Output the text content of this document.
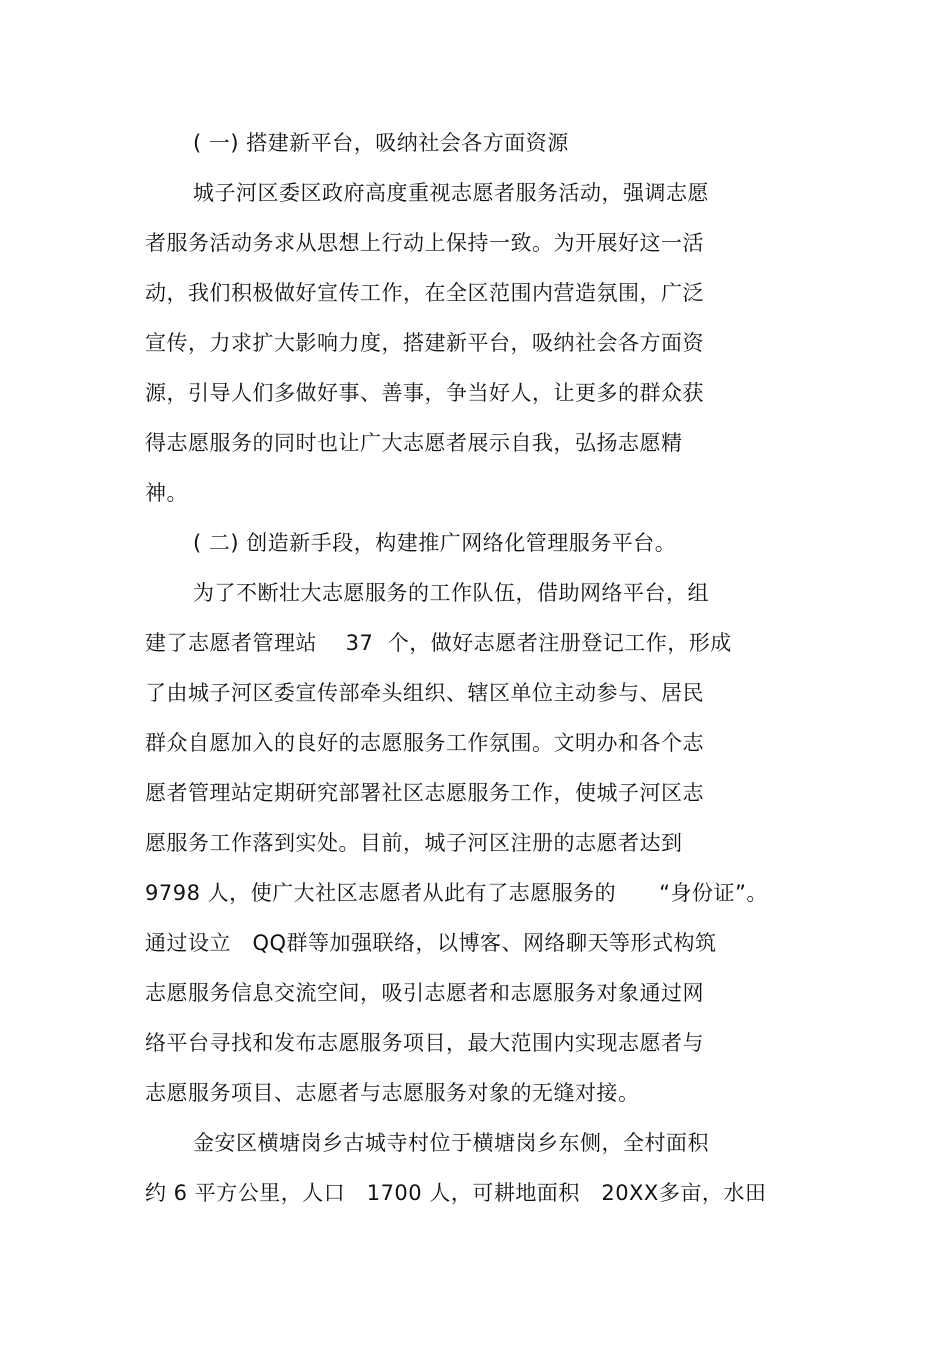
( 一) 搭建新平台，吸纳社会各方面资源
城子河区委区政府高度重视志愿者服务活动，强调志愿
者服务活动务求从思想上行动上保持一致。为开展好这一活
动，我们积极做好宣传工作，在全区范围内营造氛围，广泛
宣传，力求扩大影响力度，搭建新平台，吸纳社会各方面资
源，引导人们多做好事、善事，争当好人，让更多的群众获
得志愿服务的同时也让广大志愿者展示自我，弘扬志愿精
神。
( 二) 创造新手段，构建推广网络化管理服务平台。
为了不断壮大志愿服务的工作队伍，借助网络平台，组
建了志愿者管理站　 37  个，做好志愿者注册登记工作，形成
了由城子河区委宣传部牵头组织、辖区单位主动参与、居民
群众自愿加入的良好的志愿服务工作氛围。文明办和各个志
愿者管理站定期研究部署社区志愿服务工作，使城子河区志
愿服务工作落到实处。目前，城子河区注册的志愿者达到
9798 人，使广大社区志愿者从此有了志愿服务的　　“身份证”。
通过设立　QQ群等加强联络，以博客、网络聊天等形式构筑
志愿服务信息交流空间，吸引志愿者和志愿服务对象通过网
络平台寻找和发布志愿服务项目，最大范围内实现志愿者与
志愿服务项目、志愿者与志愿服务对象的无缝对接。
金安区横塘岗乡古城寺村位于横塘岗乡东侧，全村面积
约 6 平方公里，人口　1700 人，可耕地面积　20XX多亩，水田
